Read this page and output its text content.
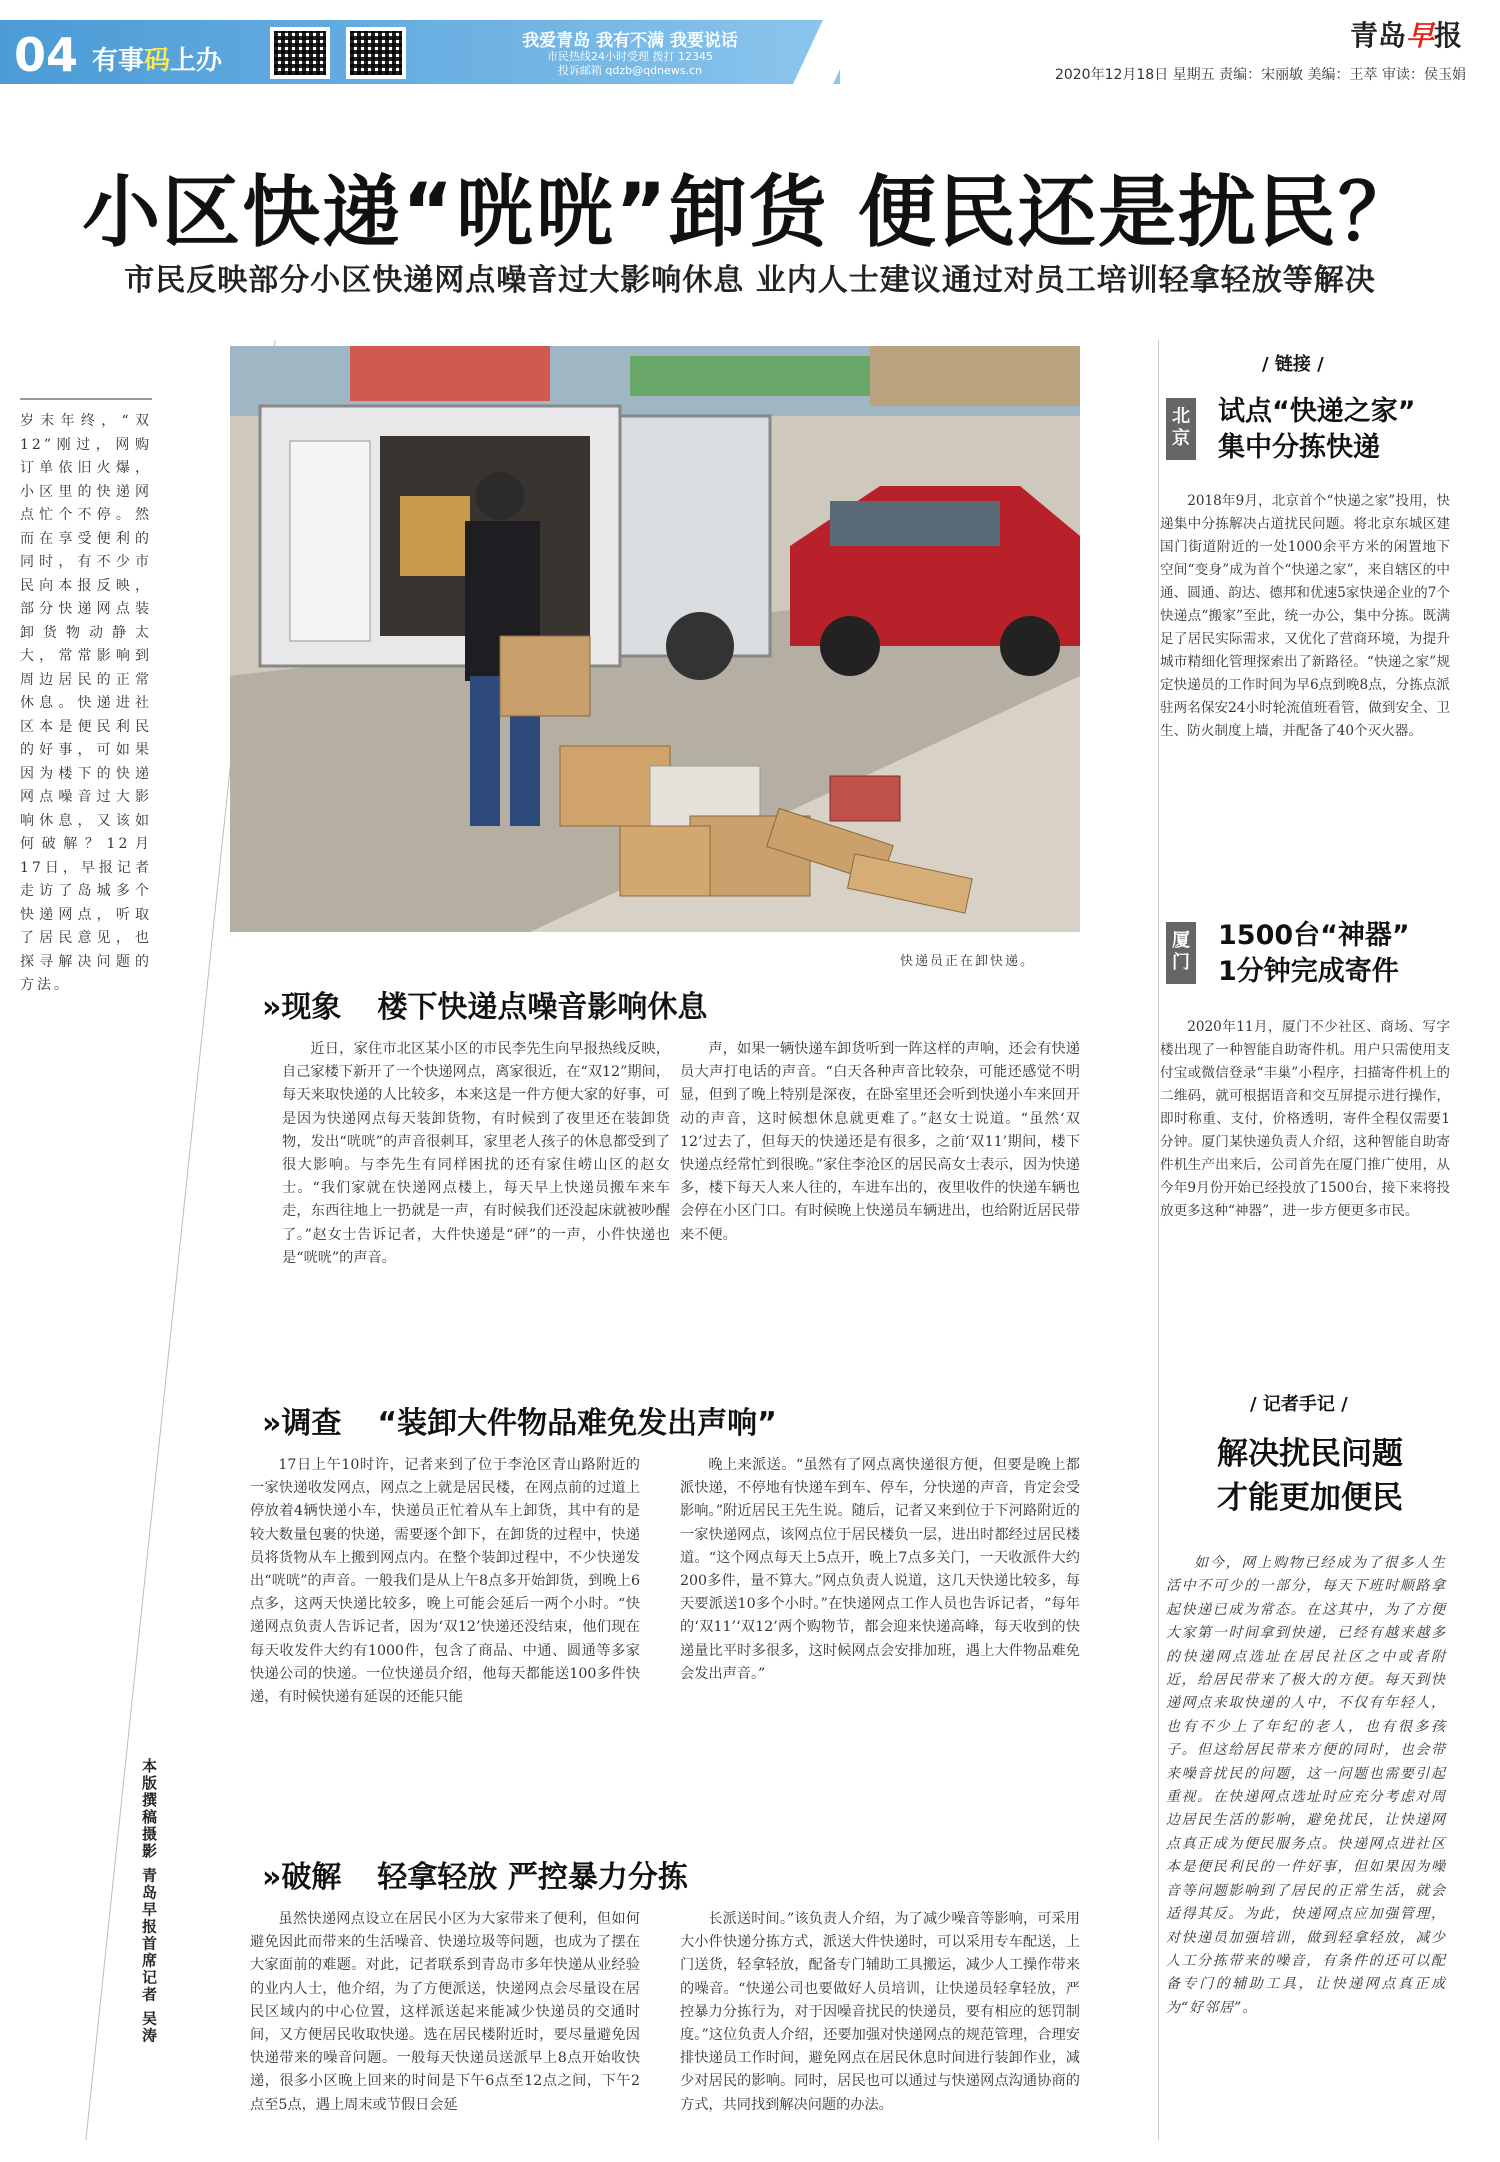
04 有事码上办
我爱青岛 我有不满 我要说话
市民热线24小时受理 拨打 12345
投诉邮箱 qdzb@qdnews.cn
青岛早报
2020年12月18日 星期五 责编：宋丽敏 美编：王萃 审读：侯玉娟
小区快递“咣咣”卸货 便民还是扰民？
市民反映部分小区快递网点噪音过大影响休息 业内人士建议通过对员工培训轻拿轻放等解决
岁末年终，“双12”刚过，网购订单依旧火爆，小区里的快递网点忙个不停。然而在享受便利的同时，有不少市民向本报反映，部分快递网点装卸货物动静太大，常常影响到周边居民的正常休息。快递进社区本是便民利民的好事，可如果因为楼下的快递网点噪音过大影响休息，又该如何破解？12月17日，早报记者走访了岛城多个快递网点，听取了居民意见，也探寻解决问题的方法。
本版撰稿摄影 青岛早报首席记者 吴涛
快递员正在卸快递。
»现象 楼下快递点噪音影响休息
近日，家住市北区某小区的市民李先生向早报热线反映，自己家楼下新开了一个快递网点，离家很近，在“双12”期间，每天来取快递的人比较多，本来这是一件方便大家的好事，可是因为快递网点每天装卸货物，有时候到了夜里还在装卸货物，发出“咣咣”的声音很刺耳，家里老人孩子的休息都受到了很大影响。与李先生有同样困扰的还有家住崂山区的赵女士。“我们家就在快递网点楼上，每天早上快递员搬车来车走，东西往地上一扔就是一声，有时候我们还没起床就被吵醒了。”赵女士告诉记者，大件快递是“砰”的一声，小件快递也是“咣咣”的声音。
声，如果一辆快递车卸货听到一阵这样的声响，还会有快递员大声打电话的声音。“白天各种声音比较杂，可能还感觉不明显，但到了晚上特别是深夜，在卧室里还会听到快递小车来回开动的声音，这时候想休息就更难了。”赵女士说道。“虽然‘双12’过去了，但每天的快递还是有很多，之前‘双11’期间，楼下快递点经常忙到很晚。”家住李沧区的居民高女士表示，因为快递多，楼下每天人来人往的，车进车出的，夜里收件的快递车辆也会停在小区门口。有时候晚上快递员车辆进出，也给附近居民带来不便。
»调查 “装卸大件物品难免发出声响”
17日上午10时许，记者来到了位于李沧区青山路附近的一家快递收发网点，网点之上就是居民楼，在网点前的过道上停放着4辆快递小车，快递员正忙着从车上卸货，其中有的是较大数量包裹的快递，需要逐个卸下，在卸货的过程中，快递员将货物从车上搬到网点内。在整个装卸过程中，不少快递发出“咣咣”的声音。一般我们是从上午8点多开始卸货，到晚上6点多，这两天快递比较多，晚上可能会延后一两个小时。“快递网点负责人告诉记者，因为‘双12’快递还没结束，他们现在每天收发件大约有1000件，包含了商品、中通、圆通等多家快递公司的快递。一位快递员介绍，他每天都能送100多件快递，有时候快递有延误的还能只能
晚上来派送。“虽然有了网点离快递很方便，但要是晚上都派快递，不停地有快递车到车、停车，分快递的声音，肯定会受影响。”附近居民王先生说。随后，记者又来到位于下河路附近的一家快递网点，该网点位于居民楼负一层，进出时都经过居民楼道。“这个网点每天上5点开，晚上7点多关门，一天收派件大约200多件，量不算大。”网点负责人说道，这几天快递比较多，每天要派送10多个小时。”在快递网点工作人员也告诉记者，“每年的‘双11’‘双12’两个购物节，都会迎来快递高峰，每天收到的快递量比平时多很多，这时候网点会安排加班，遇上大件物品难免会发出声音。”
»破解 轻拿轻放 严控暴力分拣
虽然快递网点设立在居民小区为大家带来了便利，但如何避免因此而带来的生活噪音、快递垃圾等问题，也成为了摆在大家面前的难题。对此，记者联系到青岛市多年快递从业经验的业内人士，他介绍，为了方便派送，快递网点会尽量设在居民区域内的中心位置，这样派送起来能减少快递员的交通时间，又方便居民收取快递。选在居民楼附近时，要尽量避免因快递带来的噪音问题。一般每天快递员送派早上8点开始收快递，很多小区晚上回来的时间是下午6点至12点之间，下午2点至5点，遇上周末或节假日会延
长派送时间。”该负责人介绍，为了减少噪音等影响，可采用大小件快递分拣方式，派送大件快递时，可以采用专车配送，上门送货，轻拿轻放，配备专门辅助工具搬运，减少人工操作带来的噪音。“快递公司也要做好人员培训，让快递员轻拿轻放，严控暴力分拣行为，对于因噪音扰民的快递员，要有相应的惩罚制度。”这位负责人介绍，还要加强对快递网点的规范管理，合理安排快递员工作时间，避免网点在居民休息时间进行装卸作业，减少对居民的影响。同时，居民也可以通过与快递网点沟通协商的方式，共同找到解决问题的办法。
/ 链接 /
北京
试点“快递之家”
集中分拣快递
2018年9月，北京首个“快递之家”投用，快递集中分拣解决占道扰民问题。将北京东城区建国门街道附近的一处1000余平方米的闲置地下空间“变身”成为首个“快递之家”，来自辖区的中通、圆通、韵达、德邦和优速5家快递企业的7个快递点“搬家”至此，统一办公，集中分拣。既满足了居民实际需求，又优化了营商环境，为提升城市精细化管理探索出了新路径。“快递之家”规定快递员的工作时间为早6点到晚8点，分拣点派驻两名保安24小时轮流值班看管，做到安全、卫生、防火制度上墙，并配备了40个灭火器。
厦门
1500台“神器”
1分钟完成寄件
2020年11月，厦门不少社区、商场、写字楼出现了一种智能自助寄件机。用户只需使用支付宝或微信登录“丰巢”小程序，扫描寄件机上的二维码，就可根据语音和交互屏提示进行操作，即时称重、支付，价格透明，寄件全程仅需要1分钟。厦门某快递负责人介绍，这种智能自助寄件机生产出来后，公司首先在厦门推广使用，从今年9月份开始已经投放了1500台，接下来将投放更多这种“神器”，进一步方便更多市民。
/ 记者手记 /
解决扰民问题
才能更加便民
如今，网上购物已经成为了很多人生活中不可少的一部分，每天下班时顺路拿起快递已成为常态。在这其中，为了方便大家第一时间拿到快递，已经有越来越多的快递网点选址在居民社区之中或者附近，给居民带来了极大的方便。每天到快递网点来取快递的人中，不仅有年轻人，也有不少上了年纪的老人，也有很多孩子。但这给居民带来方便的同时，也会带来噪音扰民的问题，这一问题也需要引起重视。在快递网点选址时应充分考虑对周边居民生活的影响，避免扰民，让快递网点真正成为便民服务点。快递网点进社区本是便民利民的一件好事，但如果因为噪音等问题影响到了居民的正常生活，就会适得其反。为此，快递网点应加强管理，对快递员加强培训，做到轻拿轻放，减少人工分拣带来的噪音，有条件的还可以配备专门的辅助工具，让快递网点真正成为“好邻居”。
